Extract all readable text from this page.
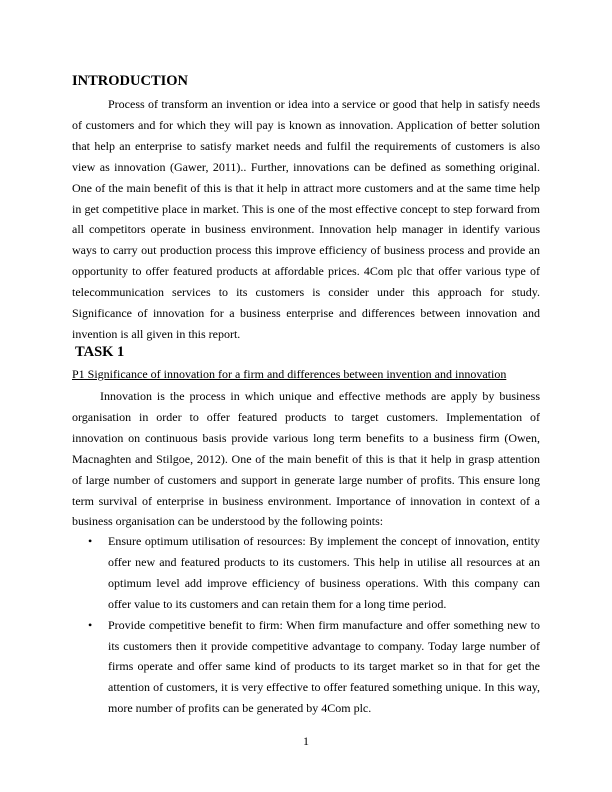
INTRODUCTION

Process of transform an invention or idea into a service or good that help in satisfy needs of customers and for which they will pay is known as innovation. Application of better solution that help an enterprise to satisfy market needs and fulfil the requirements of customers is also view as innovation (Gawer, 2011).. Further, innovations can be defined as something original. One of the main benefit of this is that it help in attract more customers and at the same time help in get competitive place in market. This is one of the most effective concept to step forward from all competitors operate in business environment. Innovation help manager in identify various ways to carry out production process this improve efficiency of business process and provide an opportunity to offer featured products at affordable prices. 4Com plc that offer various type of telecommunication services to its customers is consider under this approach for study. Significance of innovation for a business enterprise and differences between innovation and invention is all given in this report.

TASK 1

P1 Significance of innovation for a firm and differences between invention and innovation

Innovation is the process in which unique and effective methods are apply by business organisation in order to offer featured products to target customers. Implementation of innovation on continuous basis provide various long term benefits to a business firm (Owen, Macnaghten and Stilgoe, 2012). One of the main benefit of this is that it help in grasp attention of large number of customers and support in generate large number of profits. This ensure long term survival of enterprise in business environment. Importance of innovation in context of a business organisation can be understood by the following points:

• Ensure optimum utilisation of resources: By implement the concept of innovation, entity offer new and featured products to its customers. This help in utilise all resources at an optimum level add improve efficiency of business operations. With this company can offer value to its customers and can retain them for a long time period.
• Provide competitive benefit to firm: When firm manufacture and offer something new to its customers then it provide competitive advantage to company. Today large number of firms operate and offer same kind of products to its target market so in that for get the attention of customers, it is very effective to offer featured something unique. In this way, more number of profits can be generated by 4Com plc.
1
